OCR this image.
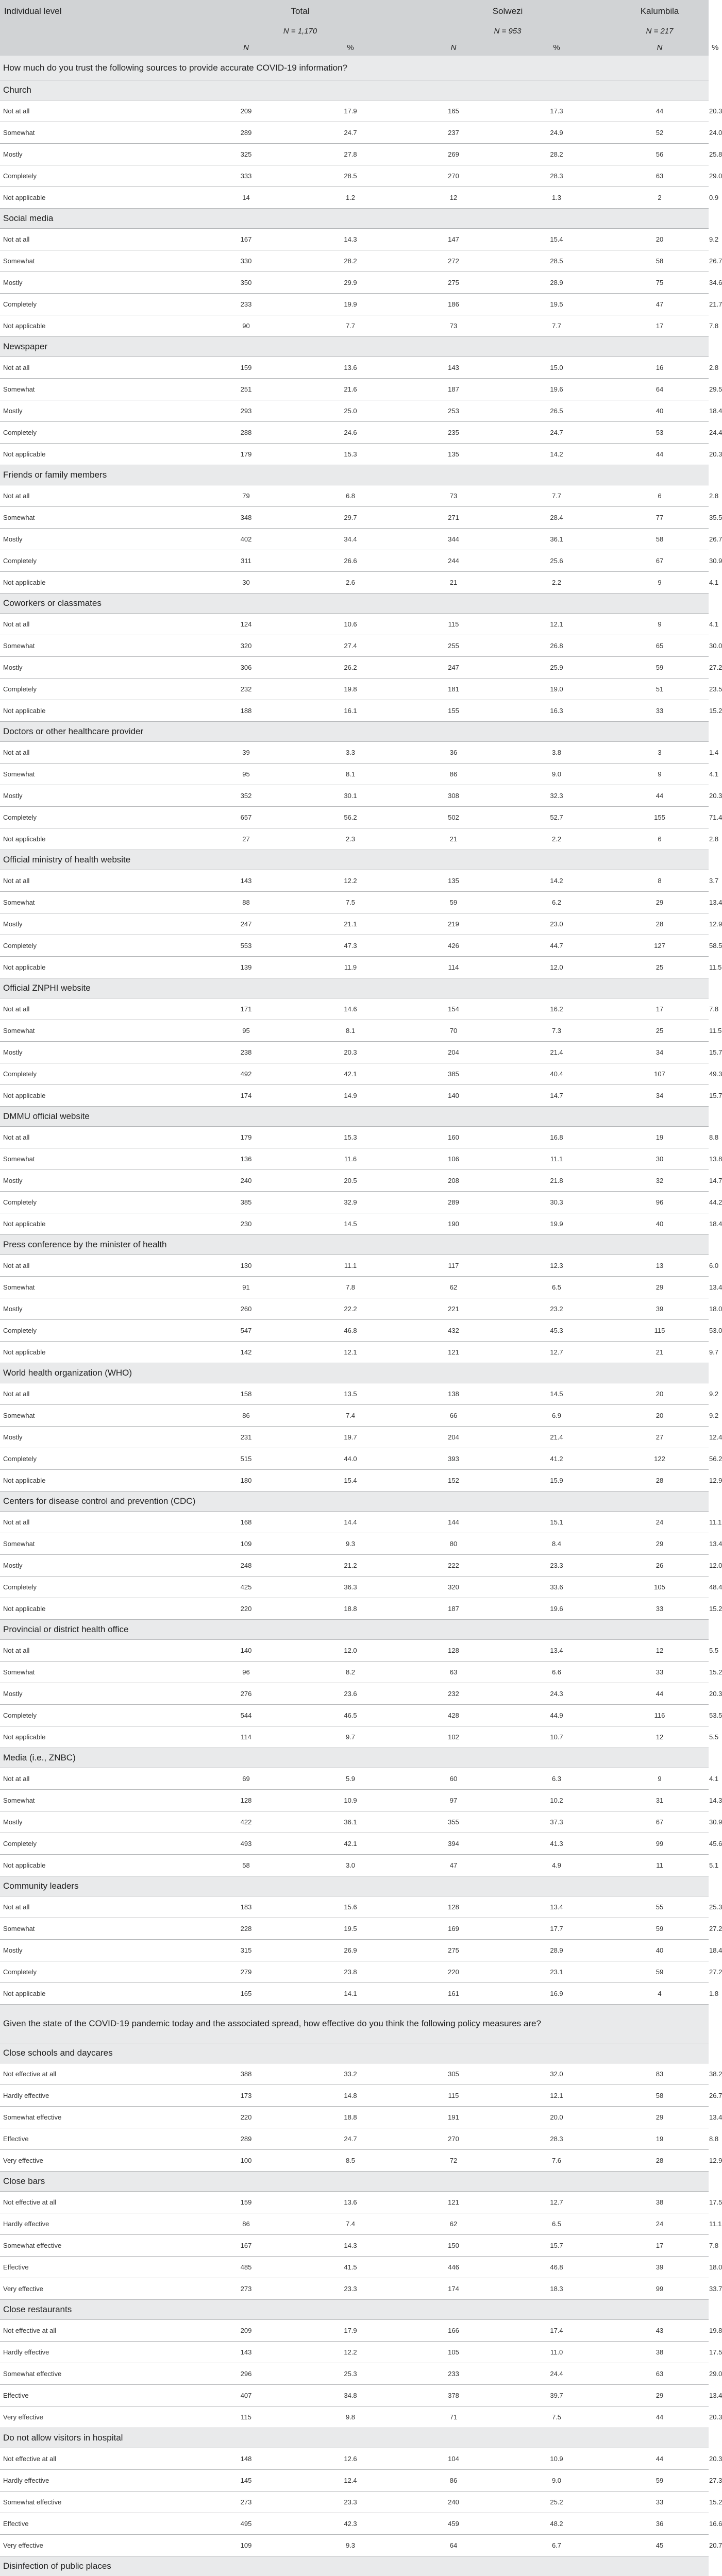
Individual level	Total		Solwezi		Kalumbila	
	N = 1,170		N = 953		N = 217	
	N	%	N	%	N	%
How much do you trust the following sources to provide accurate COVID-19 information?						
Church						
Not at all	209	17.9	165	17.3	44	20.3
Somewhat	289	24.7	237	24.9	52	24.0
Mostly	325	27.8	269	28.2	56	25.8
Completely	333	28.5	270	28.3	63	29.0
Not applicable	14	1.2	12	1.3	2	0.9
Social media						
Not at all	167	14.3	147	15.4	20	9.2
Somewhat	330	28.2	272	28.5	58	26.7
Mostly	350	29.9	275	28.9	75	34.6
Completely	233	19.9	186	19.5	47	21.7
Not applicable	90	7.7	73	7.7	17	7.8
Newspaper						
Not at all	159	13.6	143	15.0	16	2.8
Somewhat	251	21.6	187	19.6	64	29.5
Mostly	293	25.0	253	26.5	40	18.4
Completely	288	24.6	235	24.7	53	24.4
Not applicable	179	15.3	135	14.2	44	20.3
Friends or family members						
Not at all	79	6.8	73	7.7	6	2.8
Somewhat	348	29.7	271	28.4	77	35.5
Mostly	402	34.4	344	36.1	58	26.7
Completely	311	26.6	244	25.6	67	30.9
Not applicable	30	2.6	21	2.2	9	4.1
Coworkers or classmates						
Not at all	124	10.6	115	12.1	9	4.1
Somewhat	320	27.4	255	26.8	65	30.0
Mostly	306	26.2	247	25.9	59	27.2
Completely	232	19.8	181	19.0	51	23.5
Not applicable	188	16.1	155	16.3	33	15.2
Doctors or other healthcare provider						
Not at all	39	3.3	36	3.8	3	1.4
Somewhat	95	8.1	86	9.0	9	4.1
Mostly	352	30.1	308	32.3	44	20.3
Completely	657	56.2	502	52.7	155	71.4
Not applicable	27	2.3	21	2.2	6	2.8
Official ministry of health website						
Not at all	143	12.2	135	14.2	8	3.7
Somewhat	88	7.5	59	6.2	29	13.4
Mostly	247	21.1	219	23.0	28	12.9
Completely	553	47.3	426	44.7	127	58.5
Not applicable	139	11.9	114	12.0	25	11.5
Official ZNPHI website						
Not at all	171	14.6	154	16.2	17	7.8
Somewhat	95	8.1	70	7.3	25	11.5
Mostly	238	20.3	204	21.4	34	15.7
Completely	492	42.1	385	40.4	107	49.3
Not applicable	174	14.9	140	14.7	34	15.7
DMMU official website						
Not at all	179	15.3	160	16.8	19	8.8
Somewhat	136	11.6	106	11.1	30	13.8
Mostly	240	20.5	208	21.8	32	14.7
Completely	385	32.9	289	30.3	96	44.2
Not applicable	230	14.5	190	19.9	40	18.4
Press conference by the minister of health						
Not at all	130	11.1	117	12.3	13	6.0
Somewhat	91	7.8	62	6.5	29	13.4
Mostly	260	22.2	221	23.2	39	18.0
Completely	547	46.8	432	45.3	115	53.0
Not applicable	142	12.1	121	12.7	21	9.7
World health organization (WHO)						
Not at all	158	13.5	138	14.5	20	9.2
Somewhat	86	7.4	66	6.9	20	9.2
Mostly	231	19.7	204	21.4	27	12.4
Completely	515	44.0	393	41.2	122	56.2
Not applicable	180	15.4	152	15.9	28	12.9
Centers for disease control and prevention (CDC)						
Not at all	168	14.4	144	15.1	24	11.1
Somewhat	109	9.3	80	8.4	29	13.4
Mostly	248	21.2	222	23.3	26	12.0
Completely	425	36.3	320	33.6	105	48.4
Not applicable	220	18.8	187	19.6	33	15.2
Provincial or district health office						
Not at all	140	12.0	128	13.4	12	5.5
Somewhat	96	8.2	63	6.6	33	15.2
Mostly	276	23.6	232	24.3	44	20.3
Completely	544	46.5	428	44.9	116	53.5
Not applicable	114	9.7	102	10.7	12	5.5
Media (i.e., ZNBC)						
Not at all	69	5.9	60	6.3	9	4.1
Somewhat	128	10.9	97	10.2	31	14.3
Mostly	422	36.1	355	37.3	67	30.9
Completely	493	42.1	394	41.3	99	45.6
Not applicable	58	3.0	47	4.9	11	5.1
Community leaders						
Not at all	183	15.6	128	13.4	55	25.3
Somewhat	228	19.5	169	17.7	59	27.2
Mostly	315	26.9	275	28.9	40	18.4
Completely	279	23.8	220	23.1	59	27.2
Not applicable	165	14.1	161	16.9	4	1.8
Given the state of the COVID-19 pandemic today and the associated spread, how effective do you think the following policy measures are?						
Close schools and daycares						
Not effective at all	388	33.2	305	32.0	83	38.2
Hardly effective	173	14.8	115	12.1	58	26.7
Somewhat effective	220	18.8	191	20.0	29	13.4
Effective	289	24.7	270	28.3	19	8.8
Very effective	100	8.5	72	7.6	28	12.9
Close bars						
Not effective at all	159	13.6	121	12.7	38	17.5
Hardly effective	86	7.4	62	6.5	24	11.1
Somewhat effective	167	14.3	150	15.7	17	7.8
Effective	485	41.5	446	46.8	39	18.0
Very effective	273	23.3	174	18.3	99	33.7
Close restaurants						
Not effective at all	209	17.9	166	17.4	43	19.8
Hardly effective	143	12.2	105	11.0	38	17.5
Somewhat effective	296	25.3	233	24.4	63	29.0
Effective	407	34.8	378	39.7	29	13.4
Very effective	115	9.8	71	7.5	44	20.3
Do not allow visitors in hospital						
Not effective at all	148	12.6	104	10.9	44	20.3
Hardly effective	145	12.4	86	9.0	59	27.3
Somewhat effective	273	23.3	240	25.2	33	15.2
Effective	495	42.3	459	48.2	36	16.6
Very effective	109	9.3	64	6.7	45	20.7
Disinfection of public places						
